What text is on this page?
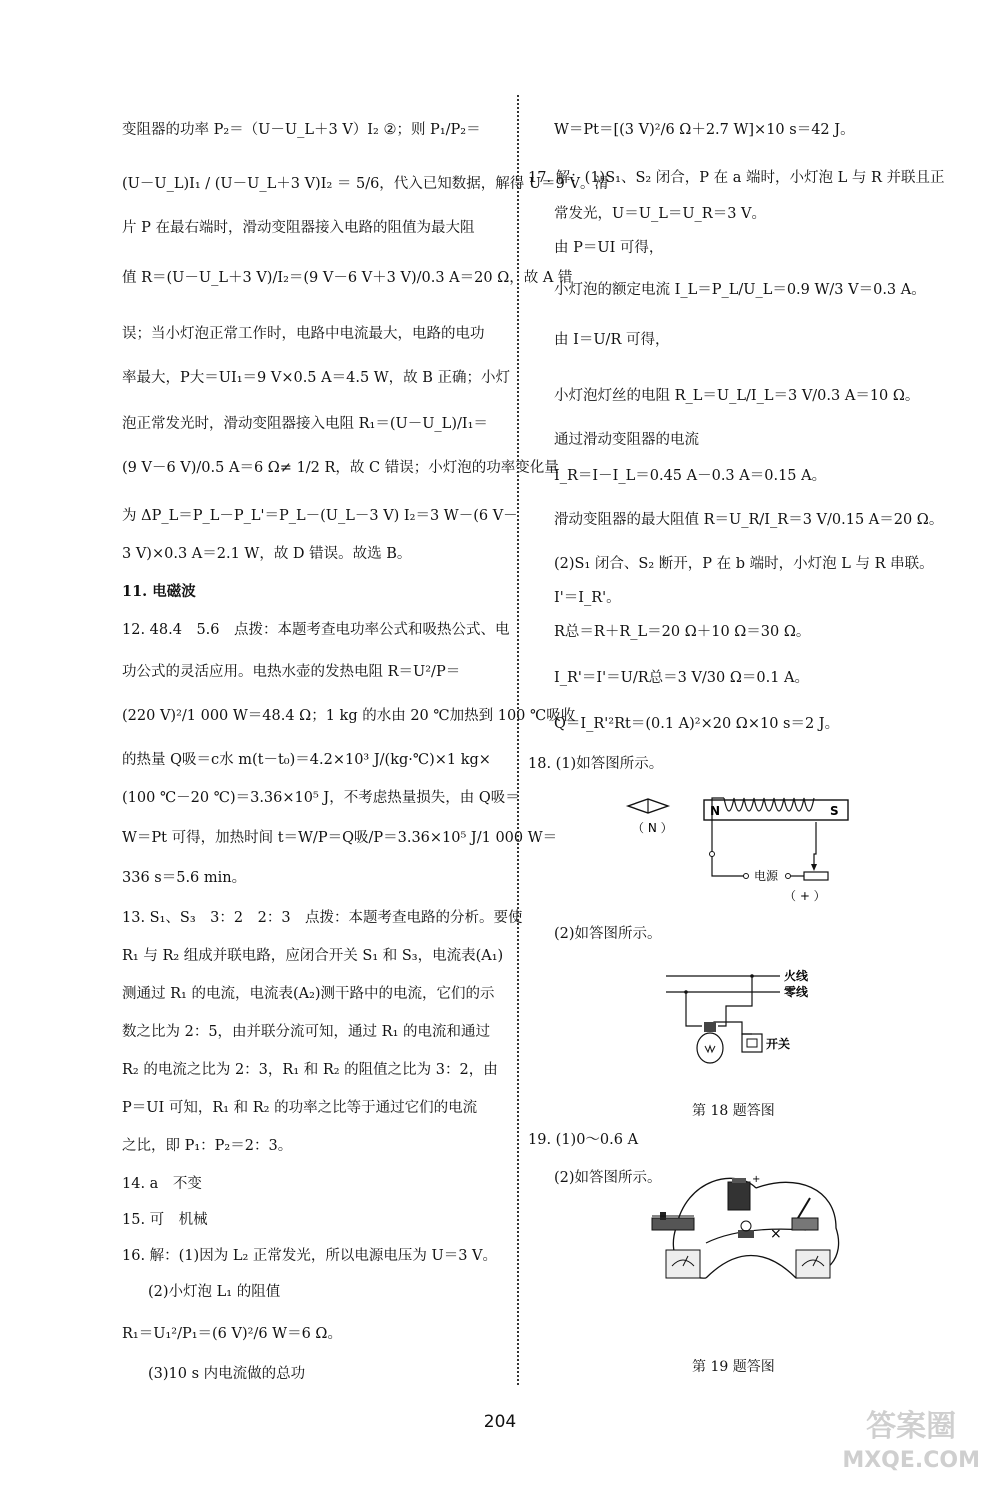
变阻器的功率 P₂＝（U－U_L＋3 V）I₂ ②；则 P₁/P₂＝
(U－U_L)I₁ / (U－U_L＋3 V)I₂ ＝ 5/6，代入已知数据，解得 U＝9 V。滑
片 P 在最右端时，滑动变阻器接入电路的阻值为最大阻
值 R＝(U－U_L＋3 V)/I₂＝(9 V－6 V＋3 V)/0.3 A＝20 Ω，故 A 错
误；当小灯泡正常工作时，电路中电流最大，电路的电功
率最大，P大＝UI₁＝9 V×0.5 A＝4.5 W，故 B 正确；小灯
泡正常发光时，滑动变阻器接入电阻 R₁＝(U－U_L)/I₁＝
(9 V－6 V)/0.5 A＝6 Ω≠ 1/2 R，故 C 错误；小灯泡的功率变化量
为 ΔP_L＝P_L－P_L'＝P_L－(U_L－3 V) I₂＝3 W－(6 V－
3 V)×0.3 A＝2.1 W，故 D 错误。故选 B。
11. 电磁波
12. 48.4　5.6　点拨：本题考查电功率公式和吸热公式、电
功公式的灵活应用。电热水壶的发热电阻 R＝U²/P＝
(220 V)²/1 000 W＝48.4 Ω；1 kg 的水由 20 ℃加热到 100 ℃吸收
的热量 Q吸＝c水 m(t－t₀)＝4.2×10³ J/(kg·℃)×1 kg×
(100 ℃－20 ℃)＝3.36×10⁵ J，不考虑热量损失，由 Q吸＝
W＝Pt 可得，加热时间 t＝W/P＝Q吸/P＝3.36×10⁵ J/1 000 W＝
336 s＝5.6 min。
13. S₁、S₃　3：2　2：3　点拨：本题考查电路的分析。要使
R₁ 与 R₂ 组成并联电路，应闭合开关 S₁ 和 S₃，电流表(A₁)
测通过 R₁ 的电流，电流表(A₂)测干路中的电流，它们的示
数之比为 2：5，由并联分流可知，通过 R₁ 的电流和通过
R₂ 的电流之比为 2：3，R₁ 和 R₂ 的阻值之比为 3：2，由
P＝UI 可知，R₁ 和 R₂ 的功率之比等于通过它们的电流
之比，即 P₁：P₂＝2：3。
14. a　不变
15. 可　机械
16. 解：(1)因为 L₂ 正常发光，所以电源电压为 U＝3 V。
(2)小灯泡 L₁ 的阻值
R₁＝U₁²/P₁＝(6 V)²/6 W＝6 Ω。
(3)10 s 内电流做的总功
W＝Pt＝[(3 V)²/6 Ω＋2.7 W]×10 s＝42 J。
17. 解：(1)S₁、S₂ 闭合，P 在 a 端时，小灯泡 L 与 R 并联且正
常发光，U＝U_L＝U_R＝3 V。
由 P＝UI 可得，
小灯泡的额定电流 I_L＝P_L/U_L＝0.9 W/3 V＝0.3 A。
由 I＝U/R 可得，
小灯泡灯丝的电阻 R_L＝U_L/I_L＝3 V/0.3 A＝10 Ω。
通过滑动变阻器的电流
I_R＝I－I_L＝0.45 A－0.3 A＝0.15 A。
滑动变阻器的最大阻值 R＝U_R/I_R＝3 V/0.15 A＝20 Ω。
(2)S₁ 闭合、S₂ 断开，P 在 b 端时，小灯泡 L 与 R 串联。
I'＝I_R'。
R总＝R＋R_L＝20 Ω＋10 Ω＝30 Ω。
I_R'＝I'＝U/R总＝3 V/30 Ω＝0.1 A。
Q＝I_R'²Rt＝(0.1 A)²×20 Ω×10 s＝2 J。
18. (1)如答图所示。
(2)如答图所示。
19. (1)0～0.6 A
(2)如答图所示。
（ N ）
N	S
电源
（ + ）
火线
零线
开关
第 18 题答图
+
×
第 19 题答图
204	答案圈
MXQE.COM
